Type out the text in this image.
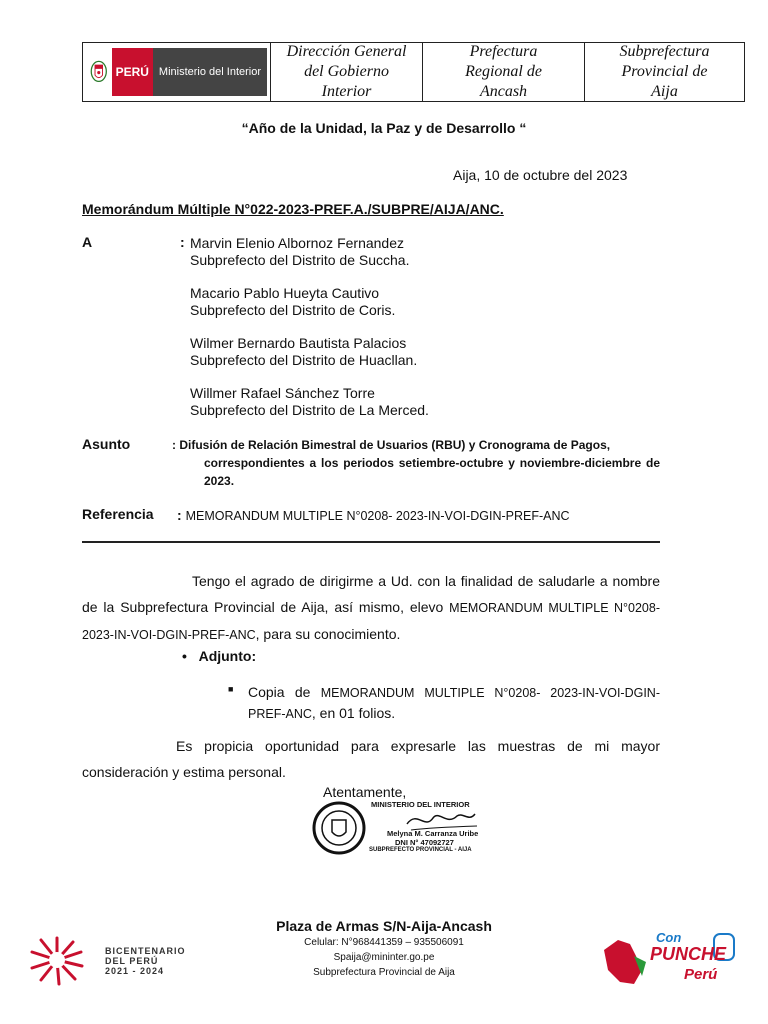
PERÚ Ministerio del Interior
Dirección General
del Gobierno
Interior
Prefectura
Regional de
Ancash
Subprefectura
Provincial de
Aija
“Año de la Unidad, la Paz y de Desarrollo “
Aija, 10 de octubre del 2023
Memorándum Múltiple N°022-2023-PREF.A./SUBPRE/AIJA/ANC.
A	: Marvin Elenio Albornoz Fernandez
Subprefecto del Distrito de Succha.
Macario Pablo Hueyta Cautivo
Subprefecto del Distrito de Coris.
Wilmer Bernardo Bautista Palacios
Subprefecto del Distrito de Huacllan.
Willmer Rafael Sánchez Torre
Subprefecto del Distrito de La Merced.
Asunto	: Difusión de Relación Bimestral de Usuarios (RBU) y Cronograma de Pagos,
correspondientes a los periodos setiembre-octubre y noviembre-diciembre de 2023.
Referencia : MEMORANDUM MULTIPLE N°0208- 2023-IN-VOI-DGIN-PREF-ANC
Tengo el agrado de dirigirme a Ud. con la finalidad de saludarle a nombre de la Subprefectura Provincial de Aija, así mismo, elevo MEMORANDUM MULTIPLE N°0208- 2023-IN-VOI-DGIN-PREF-ANC, para su conocimiento.
• Adjunto:
■ Copia de MEMORANDUM MULTIPLE N°0208- 2023-IN-VOI-DGIN-PREF-ANC, en 01 folios.
Es propicia oportunidad para expresarle las muestras de mi mayor consideración y estima personal.
Atentamente,
MINISTERIO DEL INTERIOR
Melyna M. Carranza Uribe
DNI N° 47092727
SUBPREFECTO PROVINCIAL - AIJA
Plaza de Armas S/N-Aija-Ancash
Celular: N°968441359 – 935506091
Spaija@mininter.go.pe
Subprefectura Provincial de Aija
BICENTENARIO
DEL PERÚ
2021 - 2024
Con
PUNCHE
Perú
